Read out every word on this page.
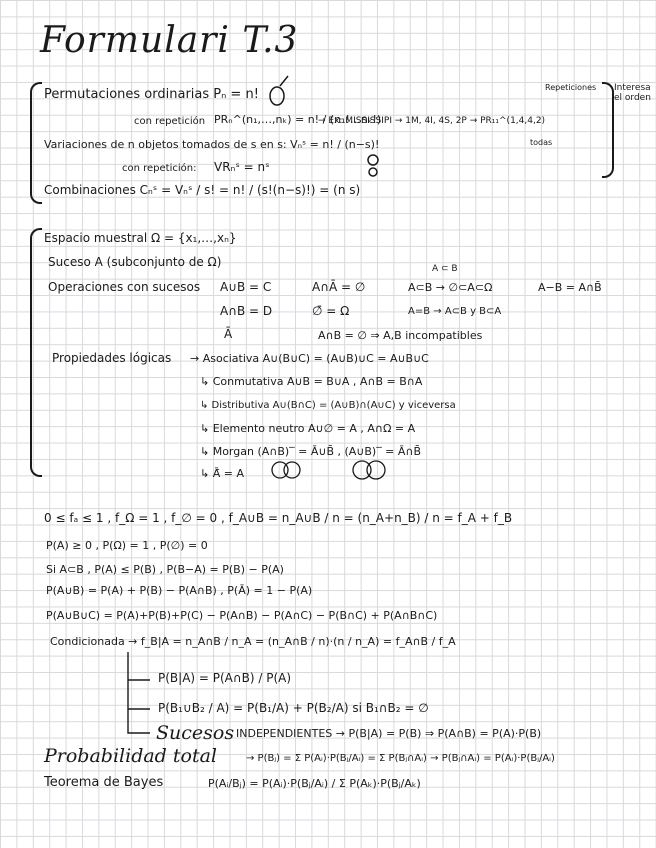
Formulari T.3
Permutaciones ordinarias Pₙ = n!
con repetición PRₙ^(n₁,…,nₖ) = n! / (n₁!…nₖ!)
→ Ex: MISSISSIPI → 1M, 4I, 4S, 2P → PR₁₁^(1,4,4,2)
Repeticiones
todas
Interesa el orden
Variaciones de n objetos tomados de s en s: Vₙˢ = n! / (n−s)!
con repetición: VRₙˢ = nˢ
Combinaciones Cₙˢ = Vₙˢ / s! = n! / (s!(n−s)!) = (n s)
Espacio muestral Ω = {x₁,…,xₙ}
Suceso A (subconjunto de Ω)
Operaciones con sucesos A∪B = C	A∩Ā = ∅	A⊂B → ∅⊂A⊂Ω	A−B = A∩B̄
A ⊂ B
A∩B = D	∅̄ = Ω	A=B → A⊂B y B⊂A
Ā	A∩B = ∅ ⇒ A,B incompatibles
Propiedades lógicas → Asociativa A∪(B∪C) = (A∪B)∪C = A∪B∪C
↳ Conmutativa A∪B = B∪A , A∩B = B∩A
↳ Distributiva A∪(B∩C) = (A∪B)∩(A∪C) y viceversa
↳ Elemento neutro A∪∅ = A , A∩Ω = A
↳ Morgan (A∩B)‾ = Ā∪B̄ , (A∪B)‾ = Ā∩B̄
↳ Ā̄ = A
0 ≤ fₐ ≤ 1 , f_Ω = 1 , f_∅ = 0 , f_A∪B = n_A∪B / n = (n_A+n_B) / n = f_A + f_B
P(A) ≥ 0 , P(Ω) = 1 , P(∅) = 0
Si A⊂B , P(A) ≤ P(B) , P(B−A) = P(B) − P(A)
P(A∪B) = P(A) + P(B) − P(A∩B) , P(Ā) = 1 − P(A)
P(A∪B∪C) = P(A)+P(B)+P(C) − P(A∩B) − P(A∩C) − P(B∩C) + P(A∩B∩C)
Condicionada → f_B|A = n_A∩B / n_A = (n_A∩B / n)·(n / n_A) = f_A∩B / f_A
P(B|A) = P(A∩B) / P(A)
P(B₁∪B₂ / A) = P(B₁/A) + P(B₂/A) si B₁∩B₂ = ∅
Sucesos INDEPENDIENTES → P(B|A) = P(B) ⇒ P(A∩B) = P(A)·P(B)
Probabilidad total	→ P(Bⱼ) = Σ P(Aᵢ)·P(Bⱼ/Aᵢ) = Σ P(Bⱼ∩Aᵢ) → P(Bⱼ∩Aᵢ) = P(Aᵢ)·P(Bⱼ/Aᵢ)
Teorema de Bayes	P(Aᵢ/Bⱼ) = P(Aᵢ)·P(Bⱼ/Aᵢ) / Σ P(Aₖ)·P(Bⱼ/Aₖ)
